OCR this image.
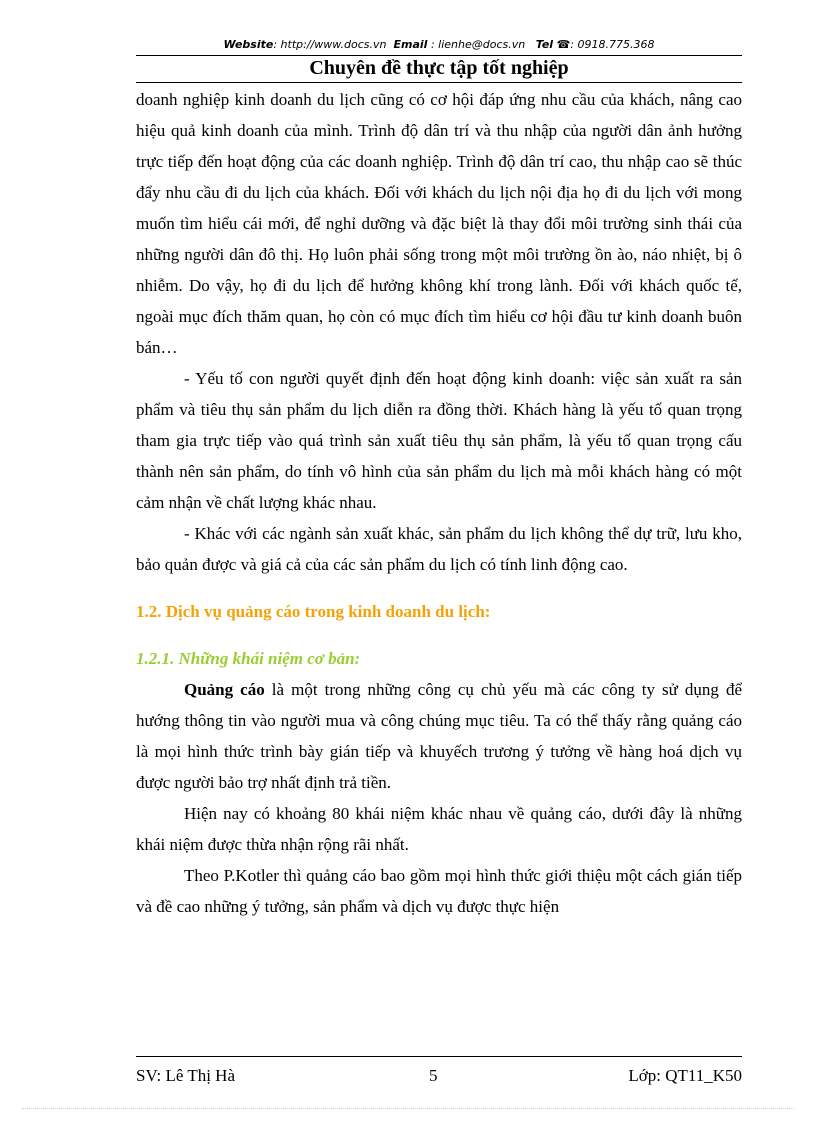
Website: http://www.docs.vn Email : lienhe@docs.vn Tel ☎: 0918.775.368
Chuyên đề thực tập tốt nghiệp

doanh nghiệp kinh doanh du lịch cũng có cơ hội đáp ứng nhu cầu của khách, nâng cao hiệu quả kinh doanh của mình. Trình độ dân trí và thu nhập của người dân ảnh hưởng trực tiếp đến hoạt động của các doanh nghiệp. Trình độ dân trí cao, thu nhập cao sẽ thúc đẩy nhu cầu đi du lịch của khách. Đối với khách du lịch nội địa họ đi du lịch với mong muốn tìm hiểu cái mới, để nghỉ dưỡng và đặc biệt là thay đổi môi trường sinh thái của những người dân đô thị. Họ luôn phải sống trong một môi trường ồn ào, náo nhiệt, bị ô nhiễm. Do vậy, họ đi du lịch để hưởng không khí trong lành. Đối với khách quốc tế, ngoài mục đích thăm quan, họ còn có mục đích tìm hiểu cơ hội đầu tư kinh doanh buôn bán…

- Yếu tố con người quyết định đến hoạt động kinh doanh: việc sản xuất ra sản phẩm và tiêu thụ sản phẩm du lịch diễn ra đồng thời. Khách hàng là yếu tố quan trọng tham gia trực tiếp vào quá trình sản xuất tiêu thụ sản phẩm, là yếu tố quan trọng cấu thành nên sản phẩm, do tính vô hình của sản phẩm du lịch mà mỗi khách hàng có một cảm nhận về chất lượng khác nhau.

- Khác với các ngành sản xuất khác, sản phẩm du lịch không thể dự trữ, lưu kho, bảo quản được và giá cả của các sản phẩm du lịch có tính linh động cao.

1.2. Dịch vụ quảng cáo trong kinh doanh du lịch:

1.2.1. Những khái niệm cơ bản:

Quảng cáo là một trong những công cụ chủ yếu mà các công ty sử dụng để hướng thông tin vào người mua và công chúng mục tiêu. Ta có thể thấy rằng quảng cáo là mọi hình thức trình bày gián tiếp và khuyếch trương ý tưởng về hàng hoá dịch vụ được người bảo trợ nhất định trả tiền.

Hiện nay có khoảng 80 khái niệm khác nhau về quảng cáo, dưới đây là những khái niệm được thừa nhận rộng rãi nhất.

Theo P.Kotler thì quảng cáo bao gồm mọi hình thức giới thiệu một cách gián tiếp và đề cao những ý tưởng, sản phẩm và dịch vụ được thực hiện

SV: Lê Thị Hà	5	Lớp: QT11_K50
